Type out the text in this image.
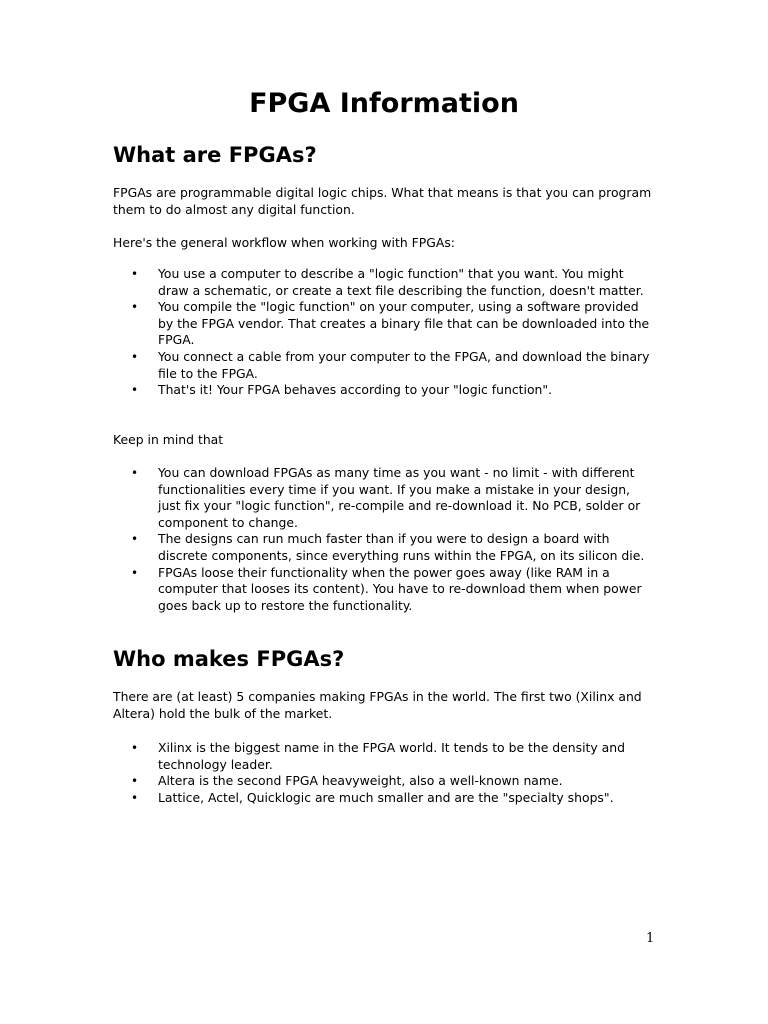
FPGA Information
What are FPGAs?

FPGAs are programmable digital logic chips. What that means is that you can program them to do almost any digital function.

Here's the general workflow when working with FPGAs:

• You use a computer to describe a "logic function" that you want. You might draw a schematic, or create a text file describing the function, doesn't matter.
• You compile the "logic function" on your computer, using a software provided by the FPGA vendor. That creates a binary file that can be downloaded into the FPGA.
• You connect a cable from your computer to the FPGA, and download the binary file to the FPGA.
• That's it! Your FPGA behaves according to your "logic function".

Keep in mind that

• You can download FPGAs as many time as you want - no limit - with different functionalities every time if you want. If you make a mistake in your design, just fix your "logic function", re-compile and re-download it. No PCB, solder or component to change.
• The designs can run much faster than if you were to design a board with discrete components, since everything runs within the FPGA, on its silicon die.
• FPGAs loose their functionality when the power goes away (like RAM in a computer that looses its content). You have to re-download them when power goes back up to restore the functionality.
Who makes FPGAs?

There are (at least) 5 companies making FPGAs in the world. The first two (Xilinx and Altera) hold the bulk of the market.

• Xilinx is the biggest name in the FPGA world. It tends to be the density and technology leader.
• Altera is the second FPGA heavyweight, also a well-known name.
• Lattice, Actel, Quicklogic are much smaller and are the "specialty shops".
1
